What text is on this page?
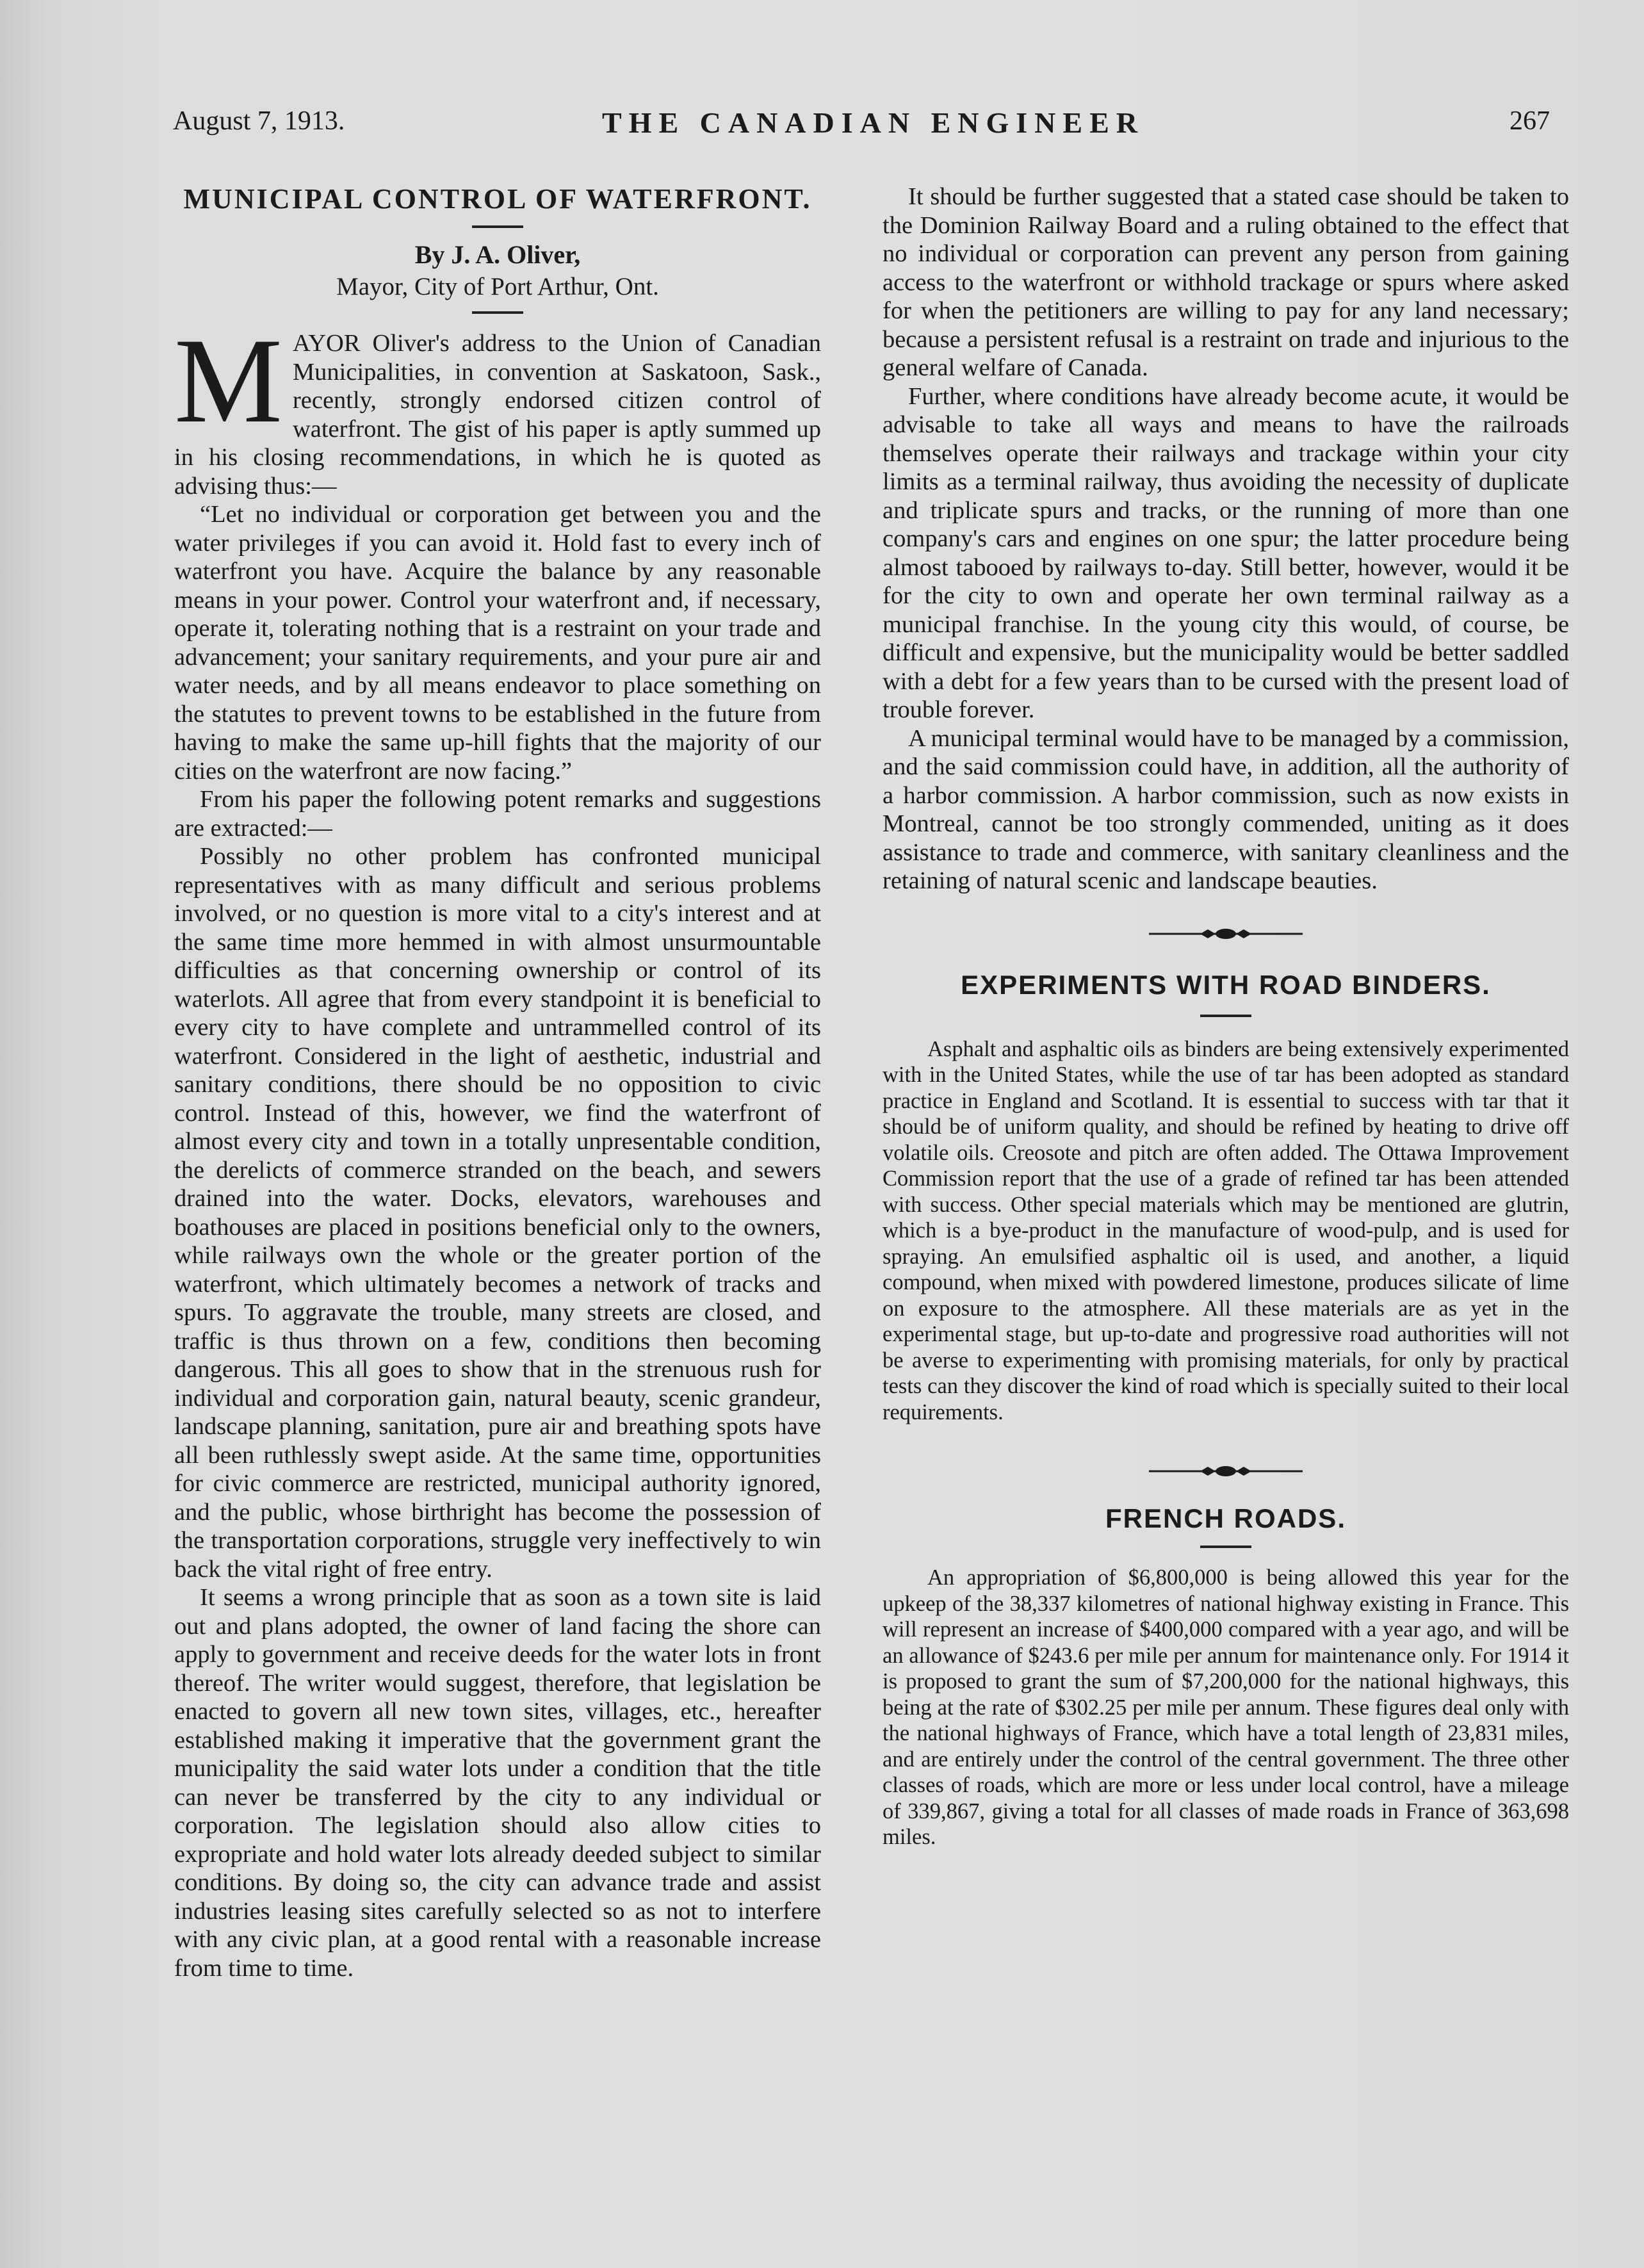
August 7, 1913.	THE CANADIAN ENGINEER	267
MUNICIPAL CONTROL OF WATERFRONT.

By J. A. Oliver,

Mayor, City of Port Arthur, Ont.

M AYOR Oliver's address to the Union of Canadian Municipalities, in convention at Saskatoon, Sask., recently, strongly endorsed citizen control of waterfront. The gist of his paper is aptly summed up in his closing recommendations, in which he is quoted as advising thus:—

“Let no individual or corporation get between you and the water privileges if you can avoid it. Hold fast to every inch of waterfront you have. Acquire the balance by any reasonable means in your power. Control your waterfront and, if necessary, operate it, tolerating nothing that is a restraint on your trade and advancement; your sanitary requirements, and your pure air and water needs, and by all means endeavor to place something on the statutes to prevent towns to be established in the future from having to make the same up-hill fights that the majority of our cities on the waterfront are now facing.”

From his paper the following potent remarks and suggestions are extracted:—

Possibly no other problem has confronted municipal representatives with as many difficult and serious problems involved, or no question is more vital to a city's interest and at the same time more hemmed in with almost unsurmountable difficulties as that concerning ownership or control of its waterlots. All agree that from every standpoint it is beneficial to every city to have complete and untrammelled control of its waterfront. Considered in the light of aesthetic, industrial and sanitary conditions, there should be no opposition to civic control. Instead of this, however, we find the waterfront of almost every city and town in a totally unpresentable condition, the derelicts of commerce stranded on the beach, and sewers drained into the water. Docks, elevators, warehouses and boathouses are placed in positions beneficial only to the owners, while railways own the whole or the greater portion of the waterfront, which ultimately becomes a network of tracks and spurs. To aggravate the trouble, many streets are closed, and traffic is thus thrown on a few, conditions then becoming dangerous. This all goes to show that in the strenuous rush for individual and corporation gain, natural beauty, scenic grandeur, landscape planning, sanitation, pure air and breathing spots have all been ruthlessly swept aside. At the same time, opportunities for civic commerce are restricted, municipal authority ignored, and the public, whose birthright has become the possession of the transportation corporations, struggle very ineffectively to win back the vital right of free entry.

It seems a wrong principle that as soon as a town site is laid out and plans adopted, the owner of land facing the shore can apply to government and receive deeds for the water lots in front thereof. The writer would suggest, therefore, that legislation be enacted to govern all new town sites, villages, etc., hereafter established making it imperative that the government grant the municipality the said water lots under a condition that the title can never be transferred by the city to any individual or corporation. The legislation should also allow cities to expropriate and hold water lots already deeded subject to similar conditions. By doing so, the city can advance trade and assist industries leasing sites carefully selected so as not to interfere with any civic plan, at a good rental with a reasonable increase from time to time.

It should be further suggested that a stated case should be taken to the Dominion Railway Board and a ruling obtained to the effect that no individual or corporation can prevent any person from gaining access to the waterfront or withhold trackage or spurs where asked for when the petitioners are willing to pay for any land necessary; because a persistent refusal is a restraint on trade and injurious to the general welfare of Canada.

Further, where conditions have already become acute, it would be advisable to take all ways and means to have the railroads themselves operate their railways and trackage within your city limits as a terminal railway, thus avoiding the necessity of duplicate and triplicate spurs and tracks, or the running of more than one company's cars and engines on one spur; the latter procedure being almost tabooed by railways to-day. Still better, however, would it be for the city to own and operate her own terminal railway as a municipal franchise. In the young city this would, of course, be difficult and expensive, but the municipality would be better saddled with a debt for a few years than to be cursed with the present load of trouble forever.

A municipal terminal would have to be managed by a commission, and the said commission could have, in addition, all the authority of a harbor commission. A harbor commission, such as now exists in Montreal, cannot be too strongly commended, uniting as it does assistance to trade and commerce, with sanitary cleanliness and the retaining of natural scenic and landscape beauties.

EXPERIMENTS WITH ROAD BINDERS.

Asphalt and asphaltic oils as binders are being extensively experimented with in the United States, while the use of tar has been adopted as standard practice in England and Scotland. It is essential to success with tar that it should be of uniform quality, and should be refined by heating to drive off volatile oils. Creosote and pitch are often added. The Ottawa Improvement Commission report that the use of a grade of refined tar has been attended with success. Other special materials which may be mentioned are glutrin, which is a bye-product in the manufacture of wood-pulp, and is used for spraying. An emulsified asphaltic oil is used, and another, a liquid compound, when mixed with powdered limestone, produces silicate of lime on exposure to the atmosphere. All these materials are as yet in the experimental stage, but up-to-date and progressive road authorities will not be averse to experimenting with promising materials, for only by practical tests can they discover the kind of road which is specially suited to their local requirements.

FRENCH ROADS.

An appropriation of $6,800,000 is being allowed this year for the upkeep of the 38,337 kilometres of national highway existing in France. This will represent an increase of $400,000 compared with a year ago, and will be an allowance of $243.6 per mile per annum for maintenance only. For 1914 it is proposed to grant the sum of $7,200,000 for the national highways, this being at the rate of $302.25 per mile per annum. These figures deal only with the national highways of France, which have a total length of 23,831 miles, and are entirely under the control of the central government. The three other classes of roads, which are more or less under local control, have a mileage of 339,867, giving a total for all classes of made roads in France of 363,698 miles.
